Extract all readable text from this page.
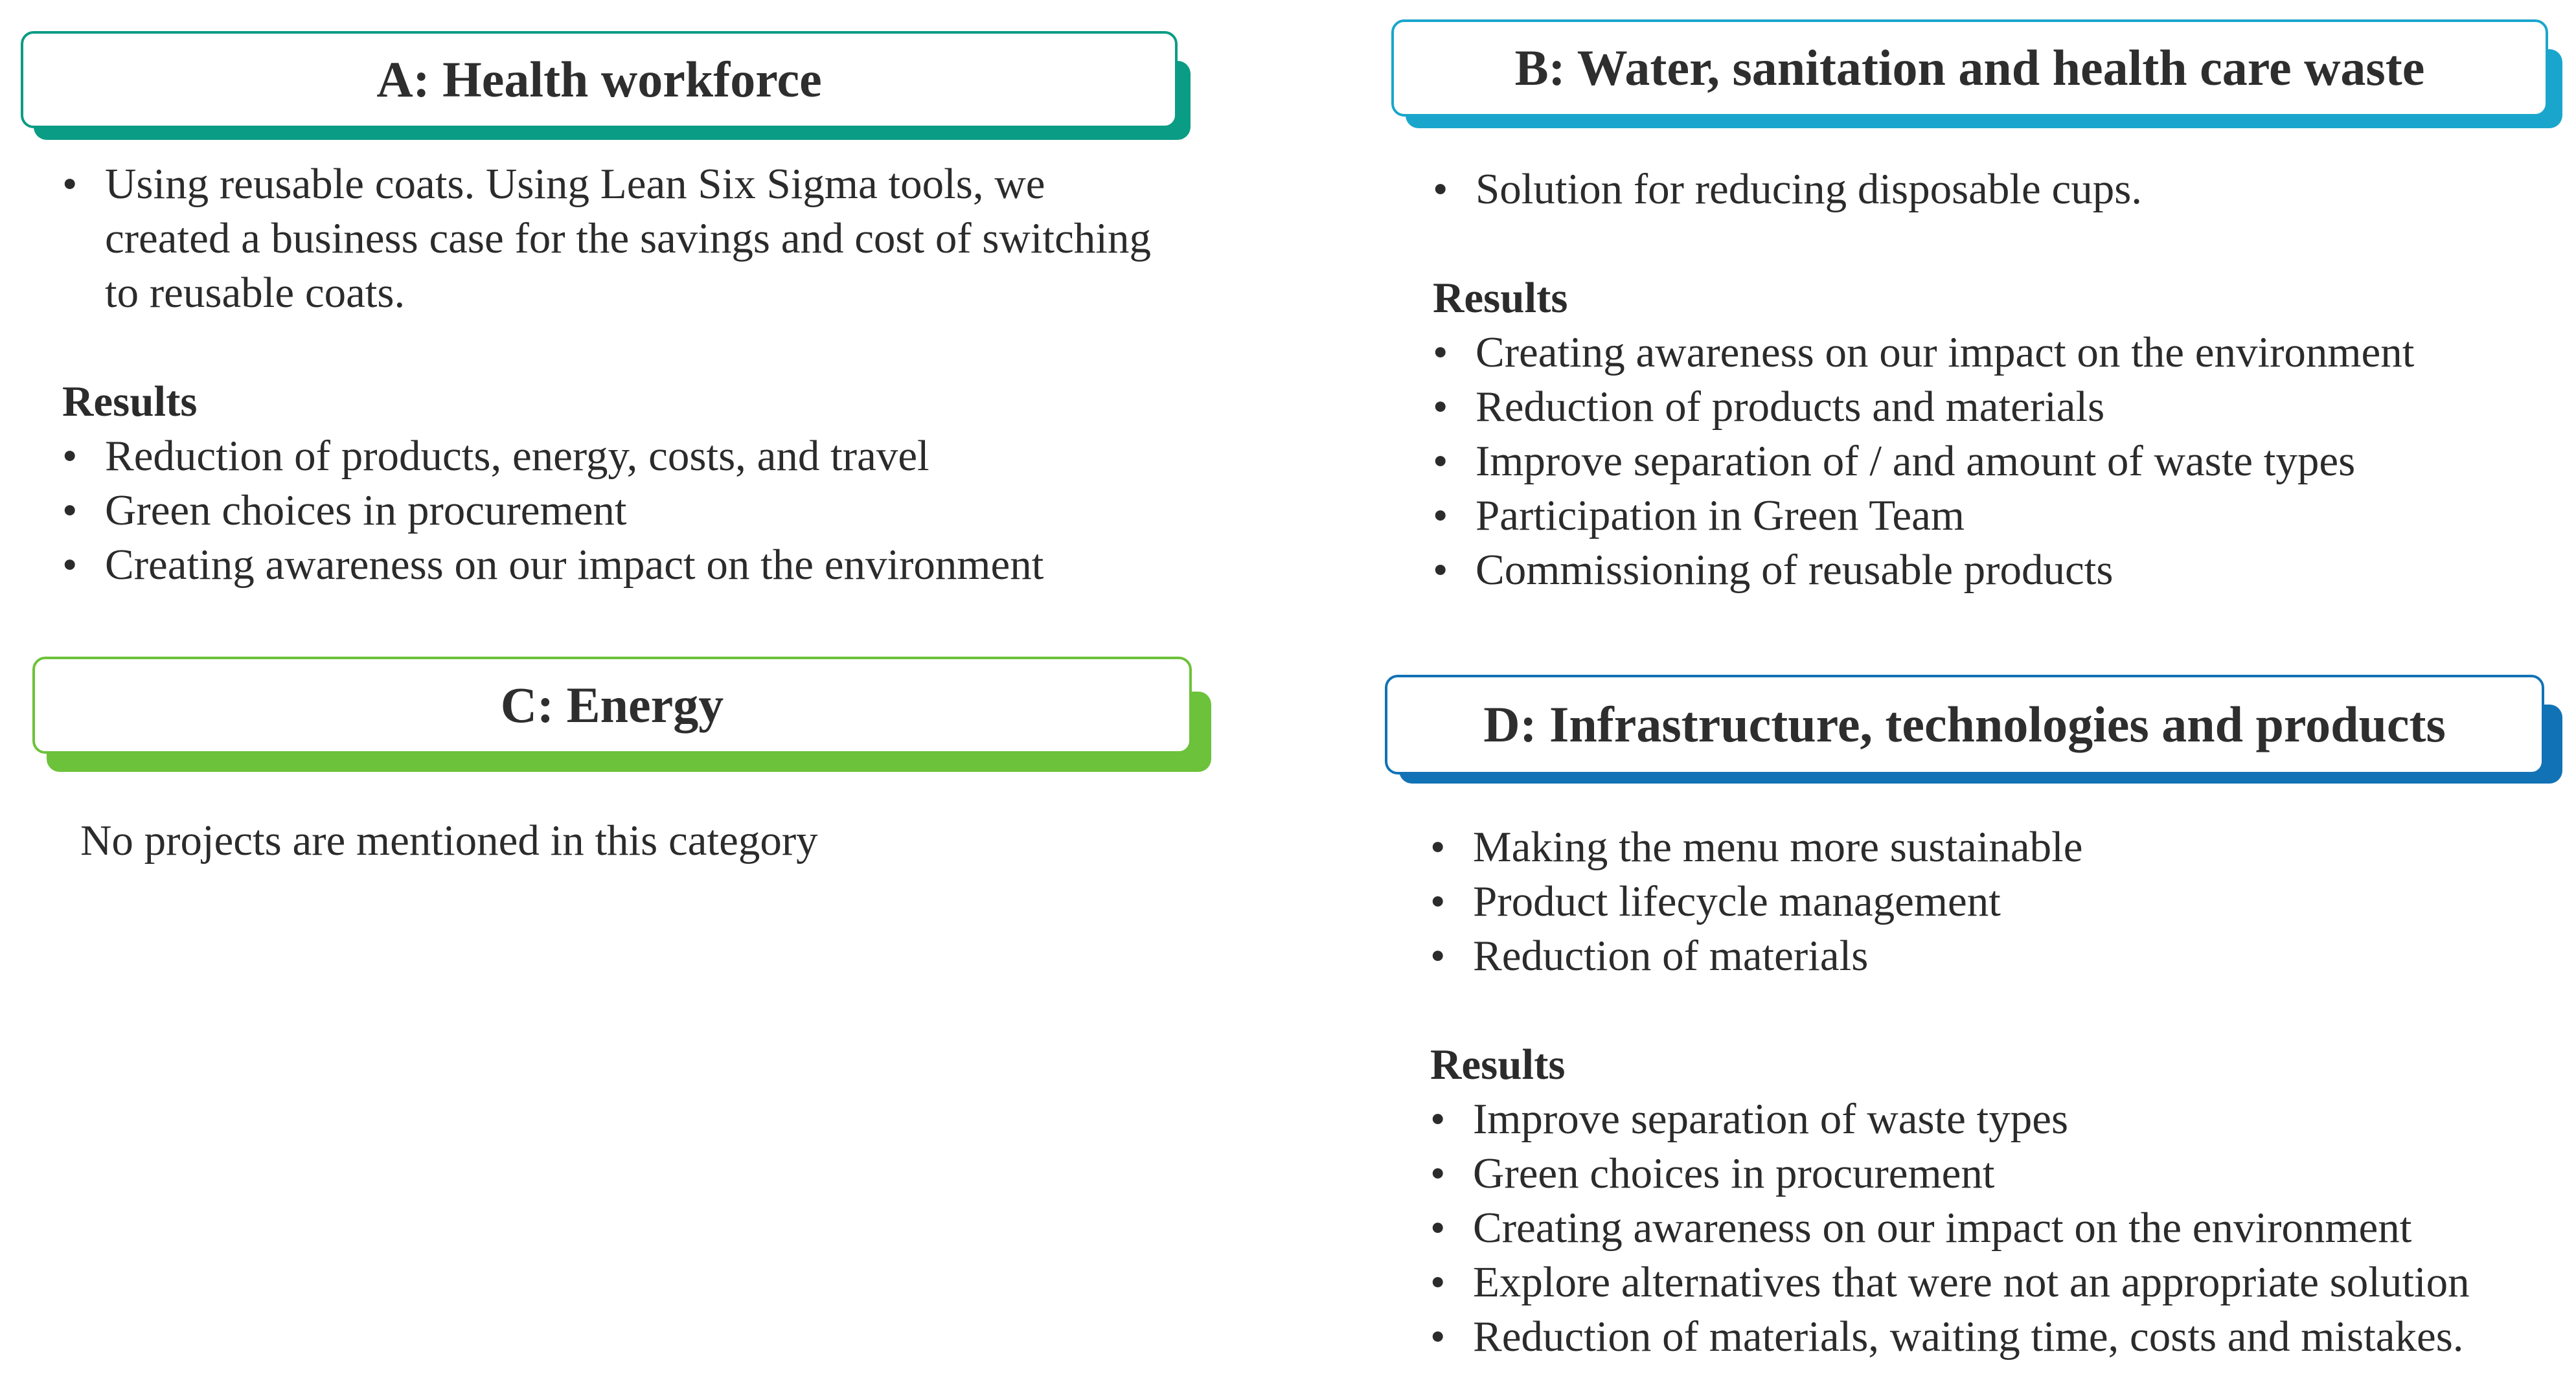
A: Health workforce
• Using reusable coats. Using Lean Six Sigma tools, we created a business case for the savings and cost of switching to reusable coats.
Results
• Reduction of products, energy, costs, and travel
• Green choices in procurement
• Creating awareness on our impact on the environment
B: Water, sanitation and health care waste
• Solution for reducing disposable cups.
Results
• Creating awareness on our impact on the environment
• Reduction of products and materials
• Improve separation of / and amount of waste types
• Participation in Green Team
• Commissioning of reusable products
C: Energy
No projects are mentioned in this category
D: Infrastructure, technologies and products
• Making the menu more sustainable
• Product lifecycle management
• Reduction of materials
Results
• Improve separation of waste types
• Green choices in procurement
• Creating awareness on our impact on the environment
• Explore alternatives that were not an appropriate solution
• Reduction of materials, waiting time, costs and mistakes.
